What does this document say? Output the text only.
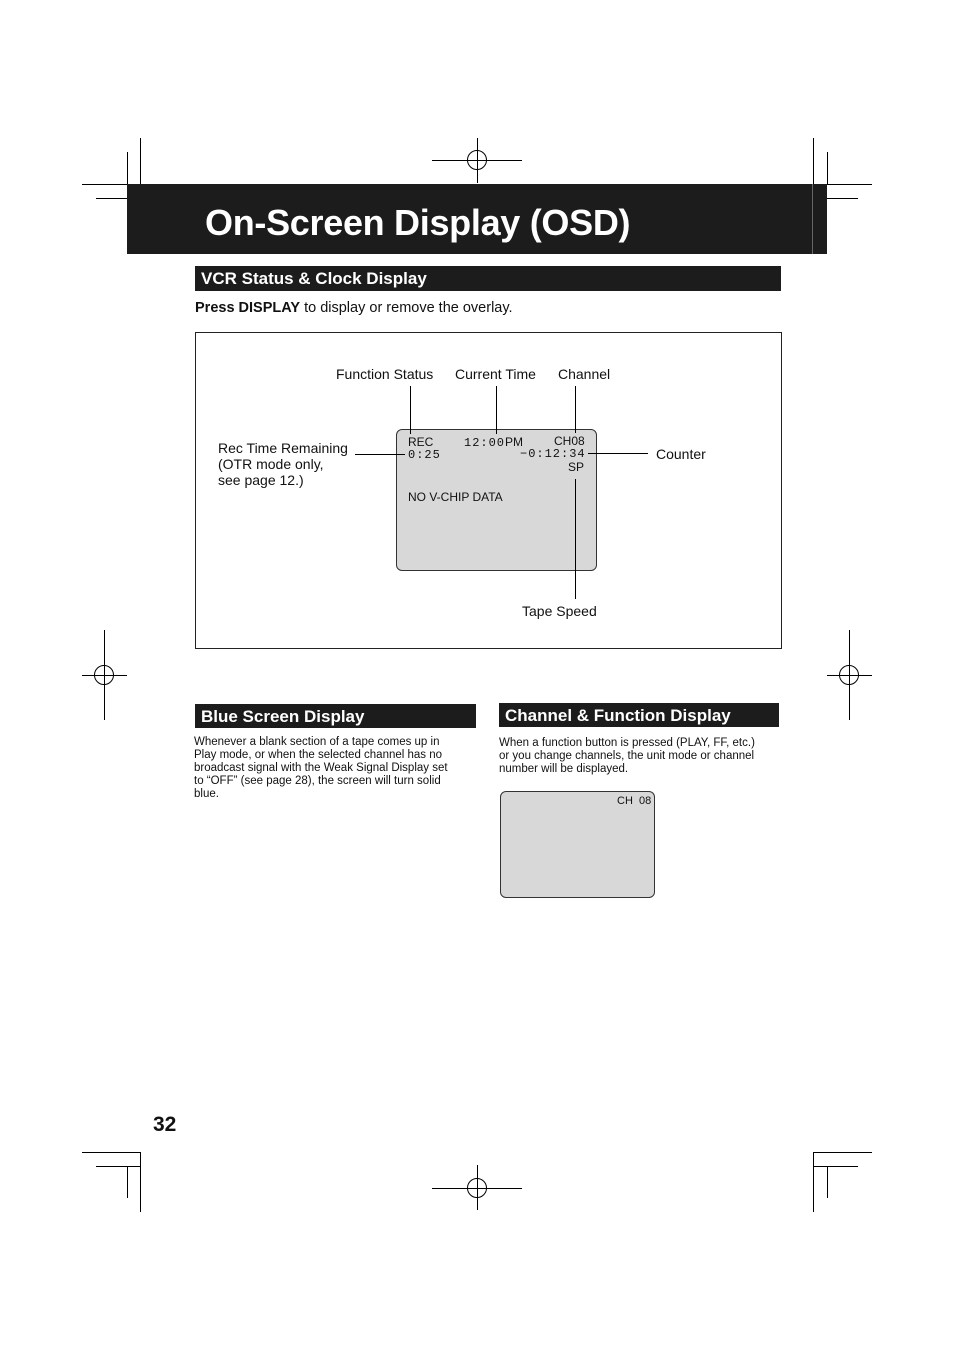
On-Screen Display (OSD)
VCR Status & Clock Display
Press DISPLAY to display or remove the overlay.
Function Status Current Time Channel
Rec Time Remaining
(OTR mode only,
see page 12.)
Counter
Tape Speed
REC
0:25
12:00PM	CH08
−0:12:34
SP
NO V-CHIP DATA
Blue Screen Display
Whenever a blank section of a tape comes up in
Play mode, or when the selected channel has no
broadcast signal with the Weak Signal Display set
to “OFF” (see page 28), the screen will turn solid
blue.
Channel & Function Display
When a function button is pressed (PLAY, FF, etc.)
or you change channels, the unit mode or channel
number will be displayed.
CH  08
32
